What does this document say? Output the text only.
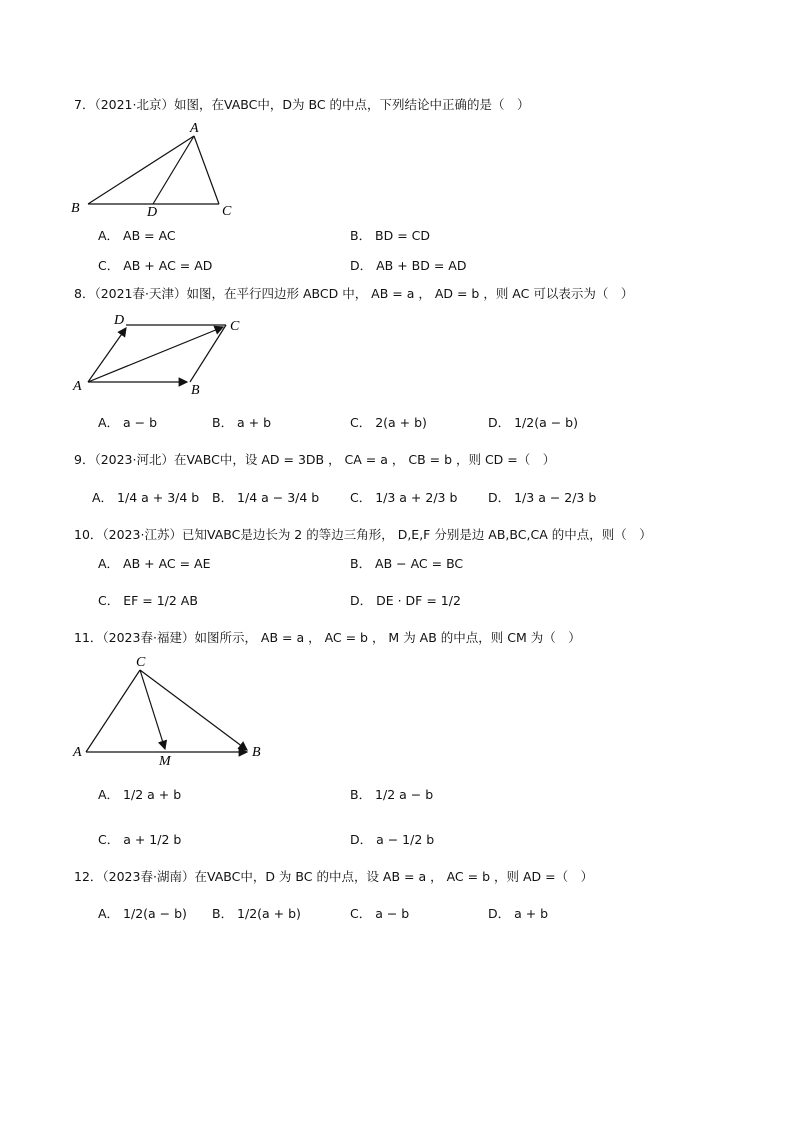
7．（2021·北京）如图，在VABC中，D为 BC 的中点，下列结论中正确的是（　）
A
B	D	C
A． AB = AC	B． BD = CD
C． AB + AC = AD	D． AB + BD = AD
8．（2021春·天津）如图，在平行四边形 ABCD 中， AB = a ， AD = b ，则 AC 可以表示为（　）
D	C
A	B
A． a − b	B． a + b	C． 2(a + b)	D． 1/2(a − b)
9．（2023·河北）在VABC中，设 AD = 3DB ， CA = a ， CB = b ，则 CD =（　）
A． 1/4 a + 3/4 b B． 1/4 a − 3/4 b C． 1/3 a + 2/3 b D． 1/3 a − 2/3 b
10．（2023·江苏）已知VABC是边长为 2 的等边三角形， D,E,F 分别是边 AB,BC,CA 的中点，则（　）
A． AB + AC = AE	B． AB − AC = BC
C． EF = 1/2 AB	D． DE · DF = 1/2
11．（2023春·福建）如图所示， AB = a ， AC = b ， M 为 AB 的中点，则 CM 为（　）
C
A
M
B
A． 1/2 a + b	B． 1/2 a − b
C． a + 1/2 b	D． a − 1/2 b
12．（2023春·湖南）在VABC中，D 为 BC 的中点，设 AB = a ， AC = b ，则 AD =（　）
A． 1/2(a − b) B． 1/2(a + b)	C． a − b	D． a + b
